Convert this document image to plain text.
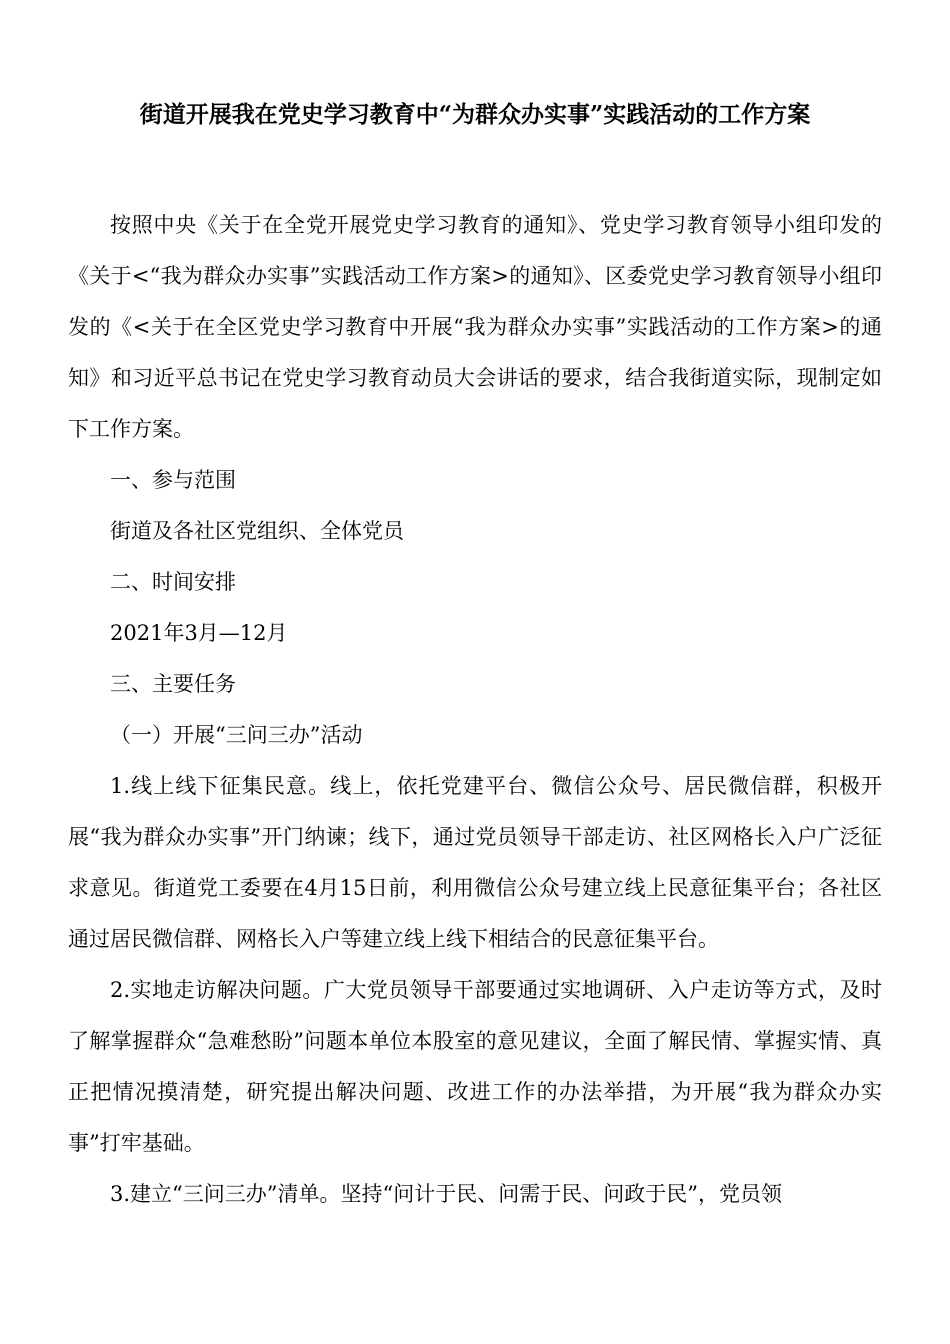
街道开展我在党史学习教育中“为群众办实事”实践活动的工作方案

按照中央《关于在全党开展党史学习教育的通知》、党史学习教育领导小组印发的《关于<“我为群众办实事”实践活动工作方案>的通知》、区委党史学习教育领导小组印发的《<关于在全区党史学习教育中开展“我为群众办实事”实践活动的工作方案>的通知》和习近平总书记在党史学习教育动员大会讲话的要求，结合我街道实际，现制定如下工作方案。

一、参与范围

街道及各社区党组织、全体党员

二、时间安排

2021年3月—12月

三、主要任务

（一）开展“三问三办”活动

1.线上线下征集民意。线上，依托党建平台、微信公众号、居民微信群，积极开展“我为群众办实事”开门纳谏；线下，通过党员领导干部走访、社区网格长入户广泛征求意见。街道党工委要在4月15日前，利用微信公众号建立线上民意征集平台；各社区通过居民微信群、网格长入户等建立线上线下相结合的民意征集平台。

2.实地走访解决问题。广大党员领导干部要通过实地调研、入户走访等方式，及时了解掌握群众“急难愁盼”问题本单位本股室的意见建议，全面了解民情、掌握实情、真正把情况摸清楚，研究提出解决问题、改进工作的办法举措，为开展“我为群众办实事”打牢基础。

3.建立“三问三办”清单。坚持“问计于民、问需于民、问政于民”，党员领
